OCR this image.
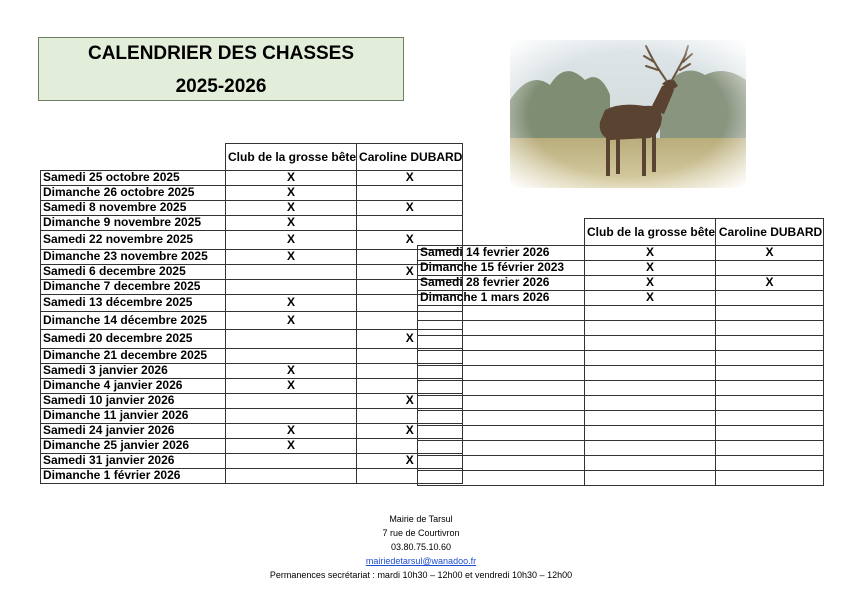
CALENDRIER DES CHASSES
2025-2026
	Club de la grosse bête	Caroline DUBARD
Samedi 25 octobre 2025	X	X
Dimanche 26 octobre 2025	X	
Samedi 8 novembre 2025	X	X
Dimanche 9 novembre 2025	X	
Samedi 22 novembre 2025	X	X
Dimanche 23 novembre 2025	X	
Samedi 6 decembre 2025		X
Dimanche 7 decembre 2025		
Samedi 13 décembre 2025	X	
Dimanche 14 décembre 2025	X	
Samedi 20 decembre 2025		X
Dimanche 21 decembre 2025		
Samedi 3 janvier 2026	X	
Dimanche 4 janvier 2026	X	
Samedi 10 janvier 2026		X
Dimanche 11 janvier 2026		
Samedi 24 janvier 2026	X	X
Dimanche 25 janvier 2026	X	
Samedi 31 janvier 2026		X
Dimanche 1 février 2026		
	Club de la grosse bête	Caroline DUBARD
Samedi 14 fevrier 2026	X	X
Dimanche 15 février 2023	X	
Samedi 28 fevrier 2026	X	X
Dimanche 1 mars 2026	X	

Mairie de Tarsul
7 rue de Courtivron
03.80.75.10.60
mairiedetarsul@wanadoo.fr
Permanences secrétariat : mardi 10h30 – 12h00 et vendredi 10h30 – 12h00
